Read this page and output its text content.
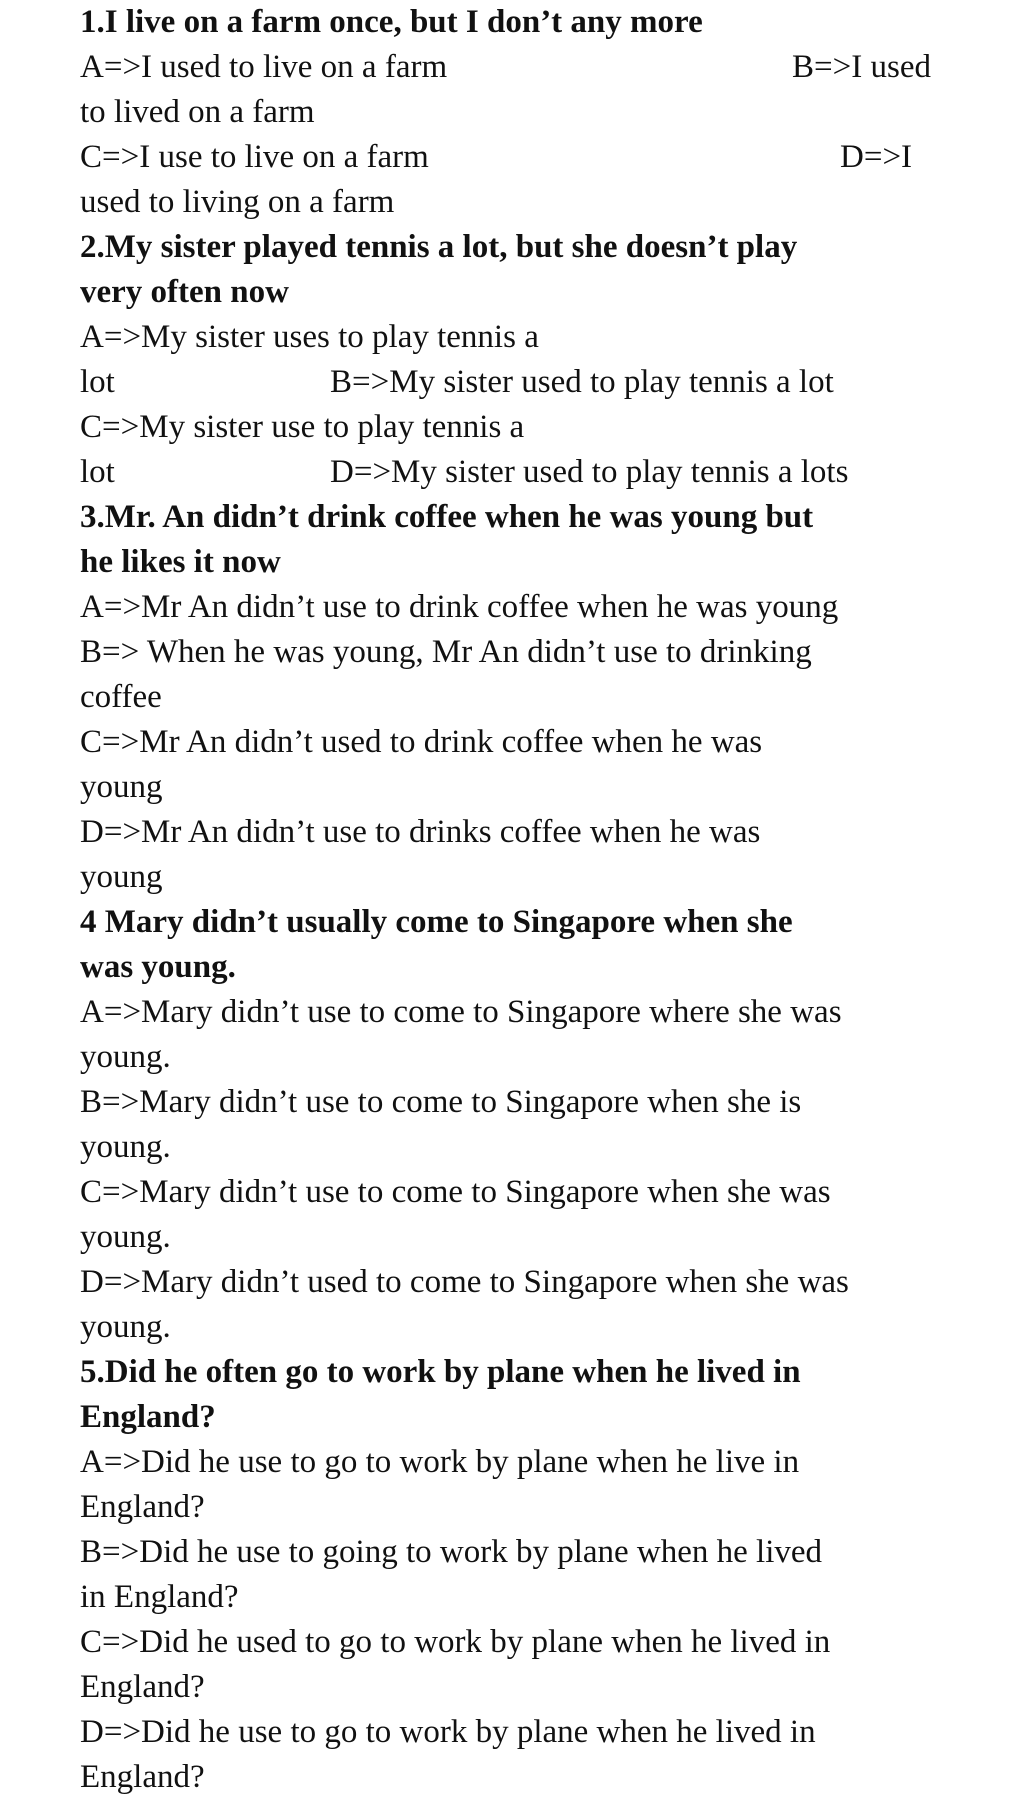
1.I live on a farm once, but I don’t any more
A=>I used to live on a farm	B=>I used
to lived on a farm
C=>I use to live on a farm	D=>I
used to living on a farm
2.My sister played tennis a lot, but she doesn’t play
very often now
A=>My sister uses to play tennis a
lot	B=>My sister used to play tennis a lot
C=>My sister use to play tennis a
lot	D=>My sister used to play tennis a lots
3.Mr. An didn’t drink coffee when he was young but
he likes it now
A=>Mr An didn’t use to drink coffee when he was young
B=> When he was young, Mr An didn’t use to drinking
coffee
C=>Mr An didn’t used to drink coffee when he was
young
D=>Mr An didn’t use to drinks coffee when he was
young
4 Mary didn’t usually come to Singapore when she
was young.
A=>Mary didn’t use to come to Singapore where she was
young.
B=>Mary didn’t use to come to Singapore when she is
young.
C=>Mary didn’t use to come to Singapore when she was
young.
D=>Mary didn’t used to come to Singapore when she was
young.
5.Did he often go to work by plane when he lived in
England?
A=>Did he use to go to work by plane when he live in
England?
B=>Did he use to going to work by plane when he lived
in England?
C=>Did he used to go to work by plane when he lived in
England?
D=>Did he use to go to work by plane when he lived in
England?
